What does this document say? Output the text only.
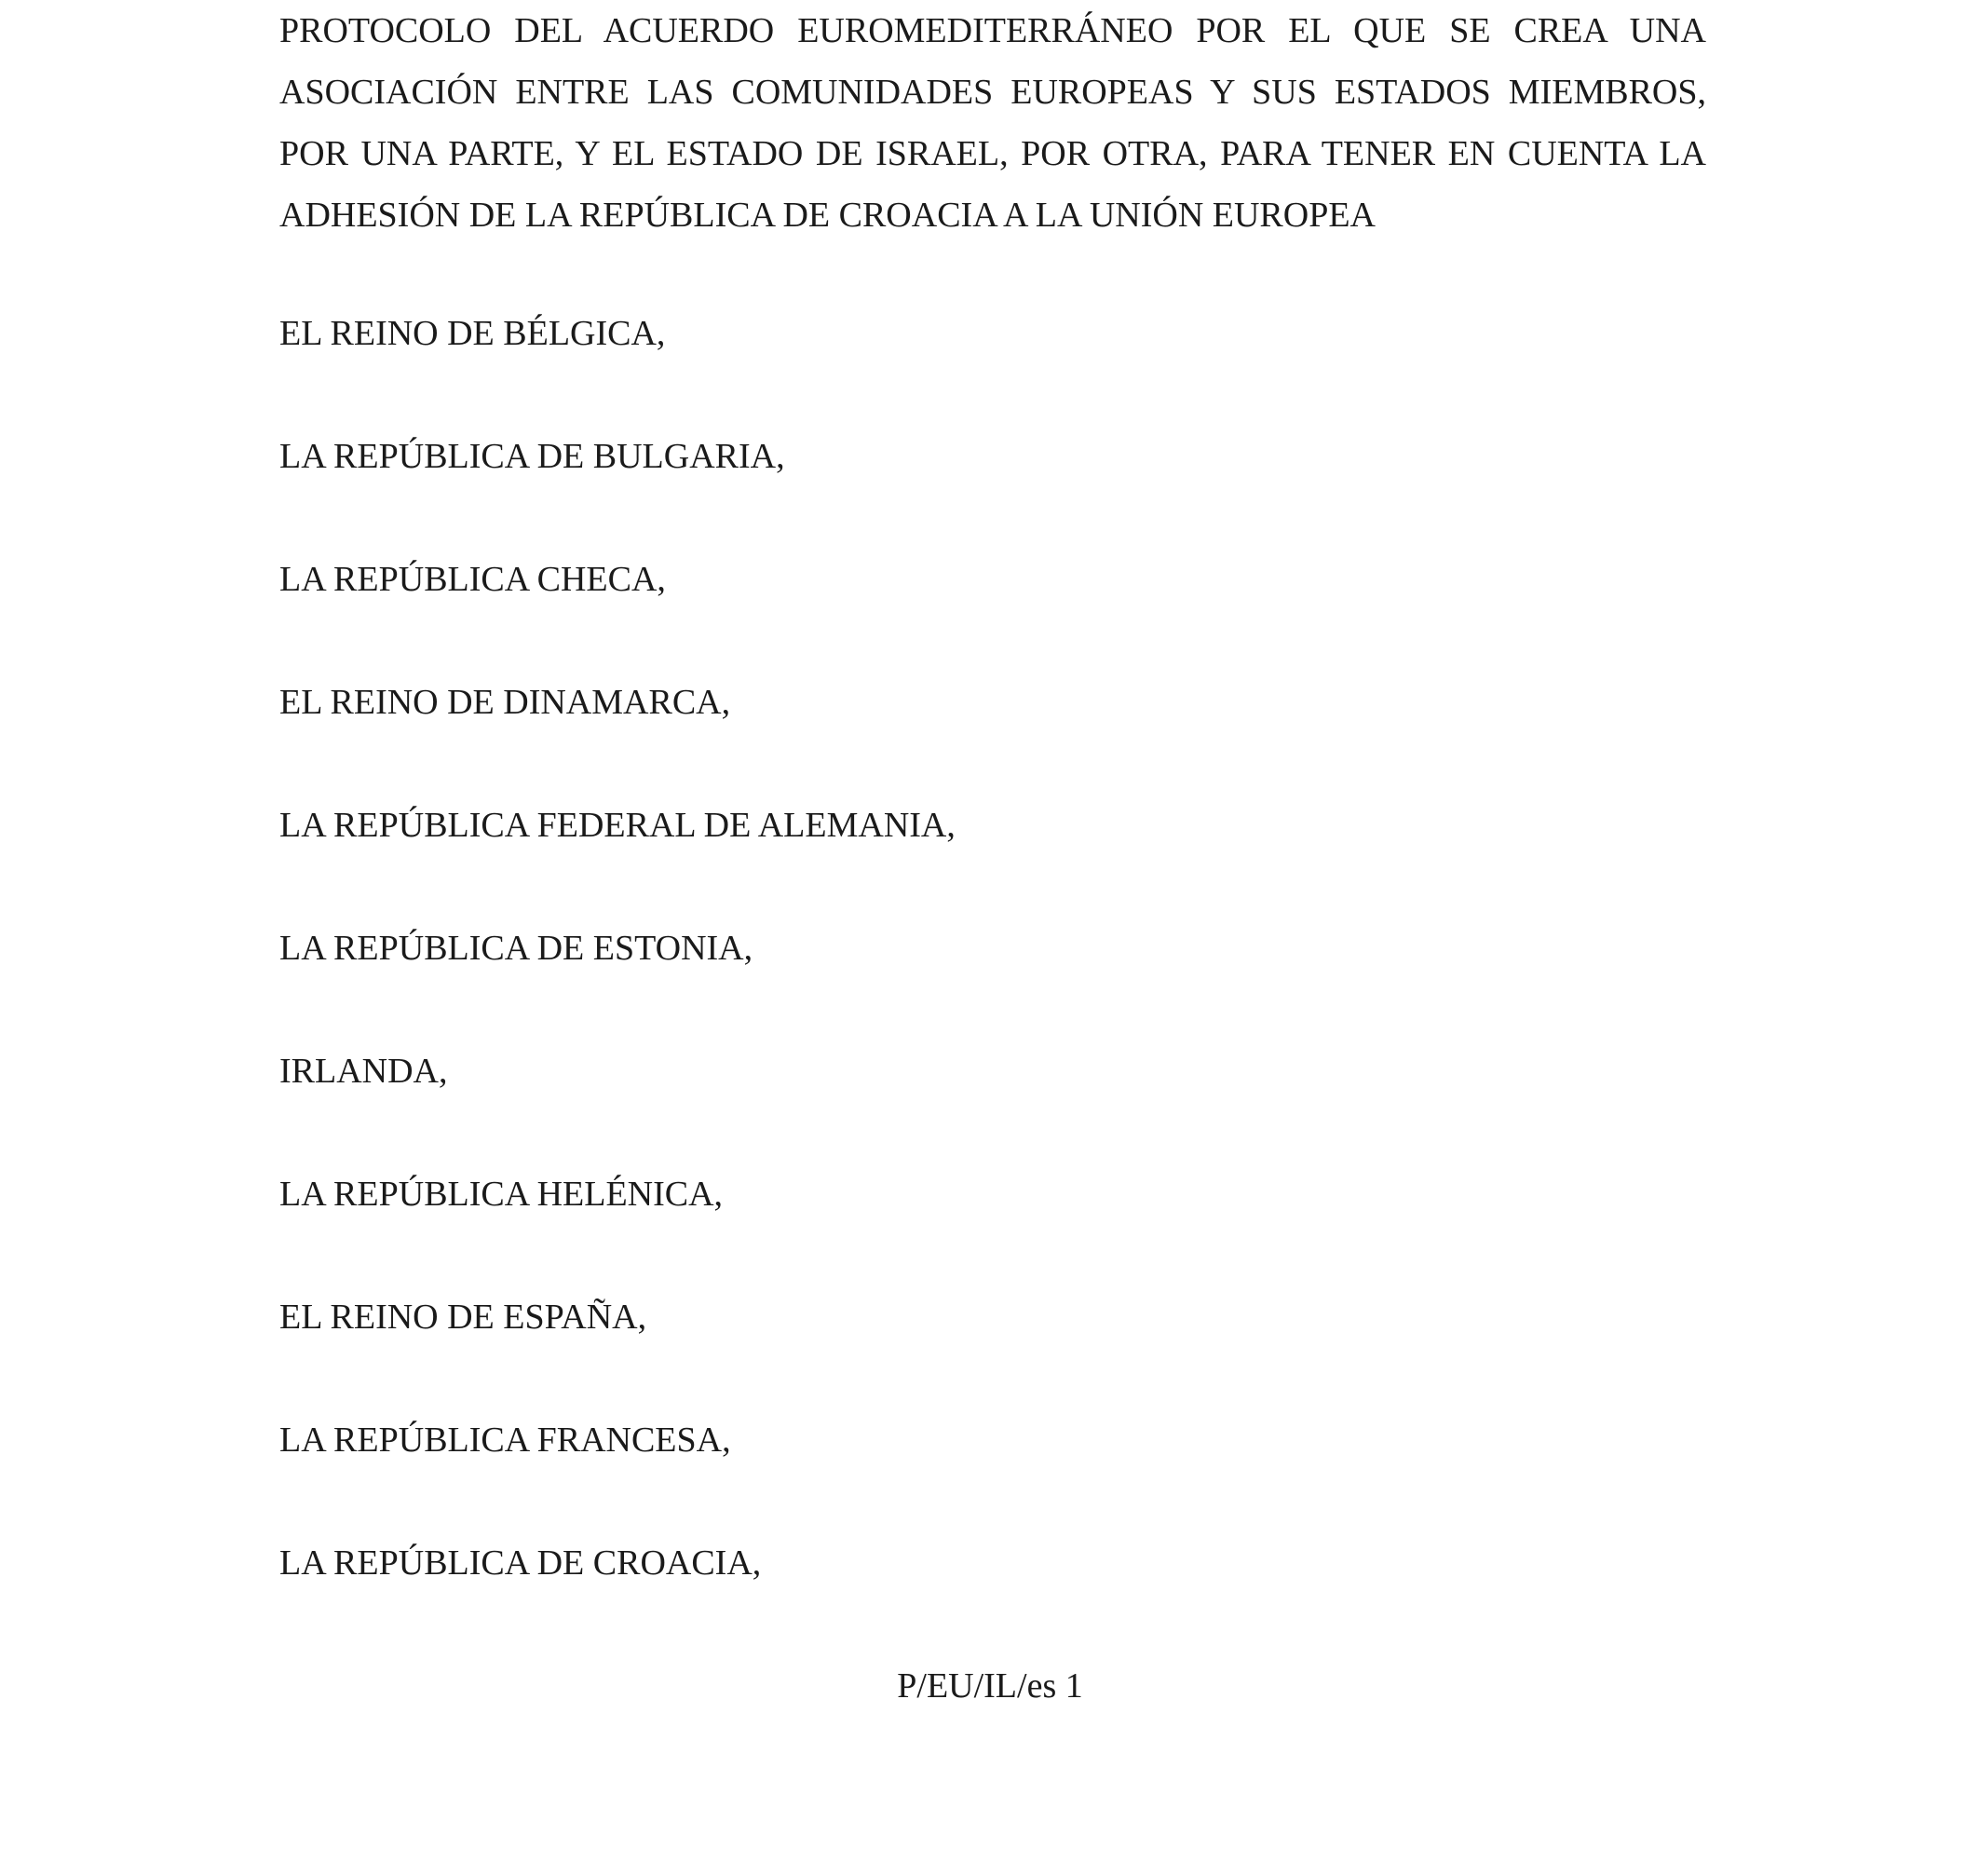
PROTOCOLO DEL ACUERDO EUROMEDITERRÁNEO POR EL QUE SE CREA UNA ASOCIACIÓN ENTRE LAS COMUNIDADES EUROPEAS Y SUS ESTADOS MIEMBROS, POR UNA PARTE, Y EL ESTADO DE ISRAEL, POR OTRA, PARA TENER EN CUENTA LA ADHESIÓN DE LA REPÚBLICA DE CROACIA A LA UNIÓN EUROPEA

EL REINO DE BÉLGICA,

LA REPÚBLICA DE BULGARIA,

LA REPÚBLICA CHECA,

EL REINO DE DINAMARCA,

LA REPÚBLICA FEDERAL DE ALEMANIA,

LA REPÚBLICA DE ESTONIA,

IRLANDA,

LA REPÚBLICA HELÉNICA,

EL REINO DE ESPAÑA,

LA REPÚBLICA FRANCESA,

LA REPÚBLICA DE CROACIA,

P/EU/IL/es 1
